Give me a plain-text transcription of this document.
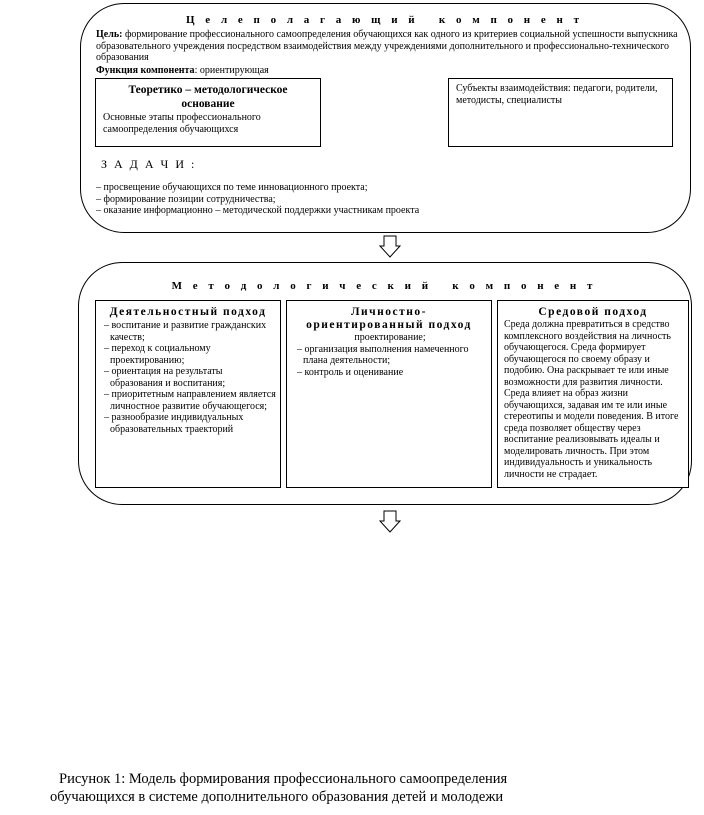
Ц е л е п о л а г а ю щ и й   к о м п о н е н т
Цель: формирование профессионального самоопределения обучающихся как одного из критериев социальной успешности выпускника образовательного учреждения посредством взаимодействия между учреждениями дополнительного и профессионально-технического образования
Функция компонента: ориентирующая
Теоретико – методологическое основание
Основные этапы профессионального самоопределения обучающихся
Субъекты взаимодействия: педагоги, родители, методисты, специалисты
З А Д А Ч И :
– просвещение обучающихся по теме инновационного проекта;
– формирование позиции сотрудничества;
– оказание информационно – методической поддержки участникам проекта
М е т о д о л о г и ч е с к и й   к о м п о н е н т
Деятельностный подход
– воспитание и развитие гражданских качеств;
– переход к социальному проектированию;
– ориентация на результаты образования и воспитания;
– приоритетным направлением является личностное развитие обучающегося;
– разнообразие индивидуальных образовательных траекторий
Личностно-ориентированный подход
проектирование;
– организация выполнения намеченного плана деятельности;
– контроль и оценивание
Средовой подход
Среда должна превратиться в средство комплексного воздействия на личность обучающегося. Среда формирует обучающегося по своему образу и подобию. Она раскрывает те или иные возможности для развития личности. Среда влияет на образ жизни обучающихся, задавая им те или иные стереотипы и модели поведения. В итоге среда позволяет обществу через воспитание реализовывать идеалы и моделировать личность. При этом индивидуальность и уникальность личности не страдает.
Рисунок 1: Модель формирования профессионального самоопределения
обучающихся в системе дополнительного образования детей и молодежи
